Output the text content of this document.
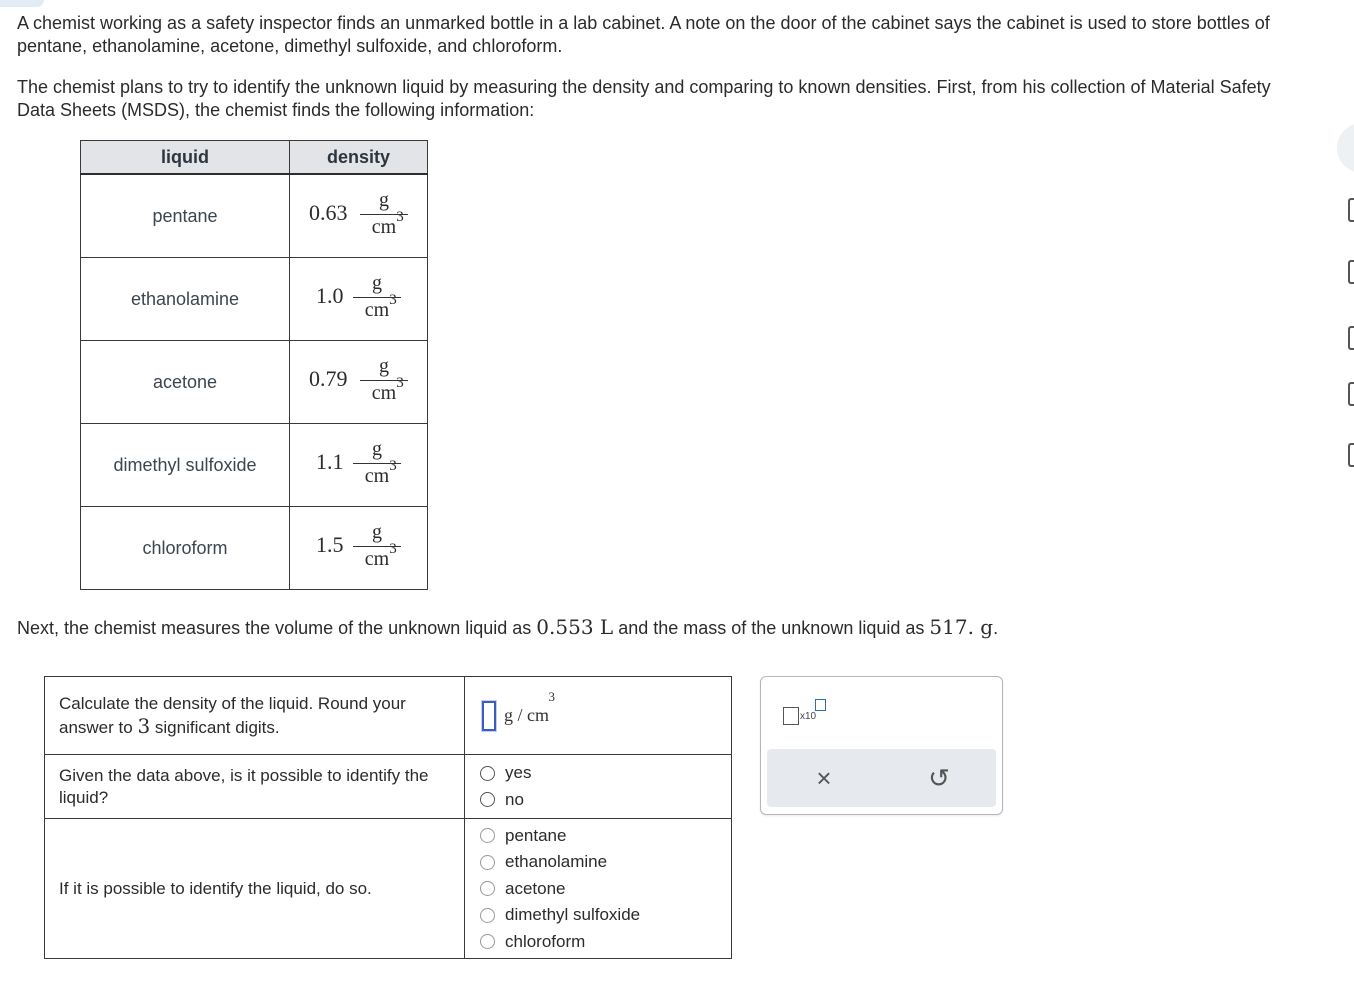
A chemist working as a safety inspector finds an unmarked bottle in a lab cabinet. A note on the door of the cabinet says the cabinet is used to store bottles of pentane, ethanolamine, acetone, dimethyl sulfoxide, and chloroform.

The chemist plans to try to identify the unknown liquid by measuring the density and comparing to known densities. First, from his collection of Material Safety Data Sheets (MSDS), the chemist finds the following information:

liquid	density
pentane	0.63 g
cm 3

ethanolamine	1.0 g
cm 3

acetone	0.79 g
cm 3

dimethyl sulfoxide	1.1 g
cm 3

chloroform	1.5 g
cm 3

Next, the chemist measures the volume of the unknown liquid as 0.553 L and the mass of the unknown liquid as 517. g.

Calculate the density of the liquid. Round your answer to 3 significant digits.	g / cm
3

Given the data above, is it possible to identify the liquid?	yes
no

If it is possible to identify the liquid, do so.	pentane
ethanolamine
acetone
dimethyl sulfoxide
chloroform
x10
×	↺
